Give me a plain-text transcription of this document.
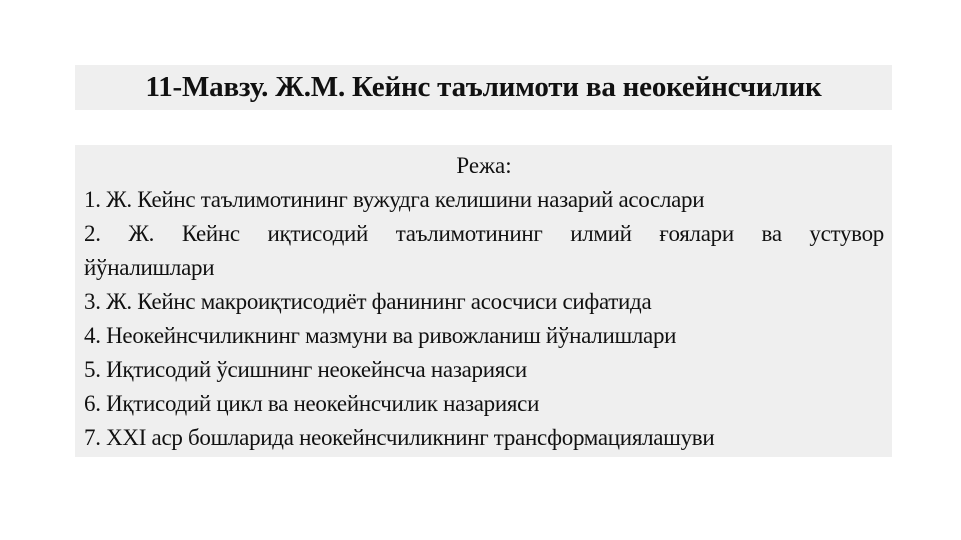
11-Мавзу. Ж.М. Кейнс таълимоти ва неокейнсчилик
Режа:
1. Ж. Кейнс таълимотининг вужудга келишини назарий асослари
2. Ж. Кейнс иқтисодий таълимотининг илмий ғоялари ва устувор
йўналишлари
3. Ж. Кейнс макроиқтисодиёт фанининг асосчиси сифатида
4. Неокейнсчиликнинг мазмуни ва ривожланиш йўналишлари
5. Иқтисодий ўсишнинг неокейнсча назарияси
6. Иқтисодий цикл ва неокейнсчилик назарияси
7. XXI аср бошларида неокейнсчиликнинг трансформациялашуви
